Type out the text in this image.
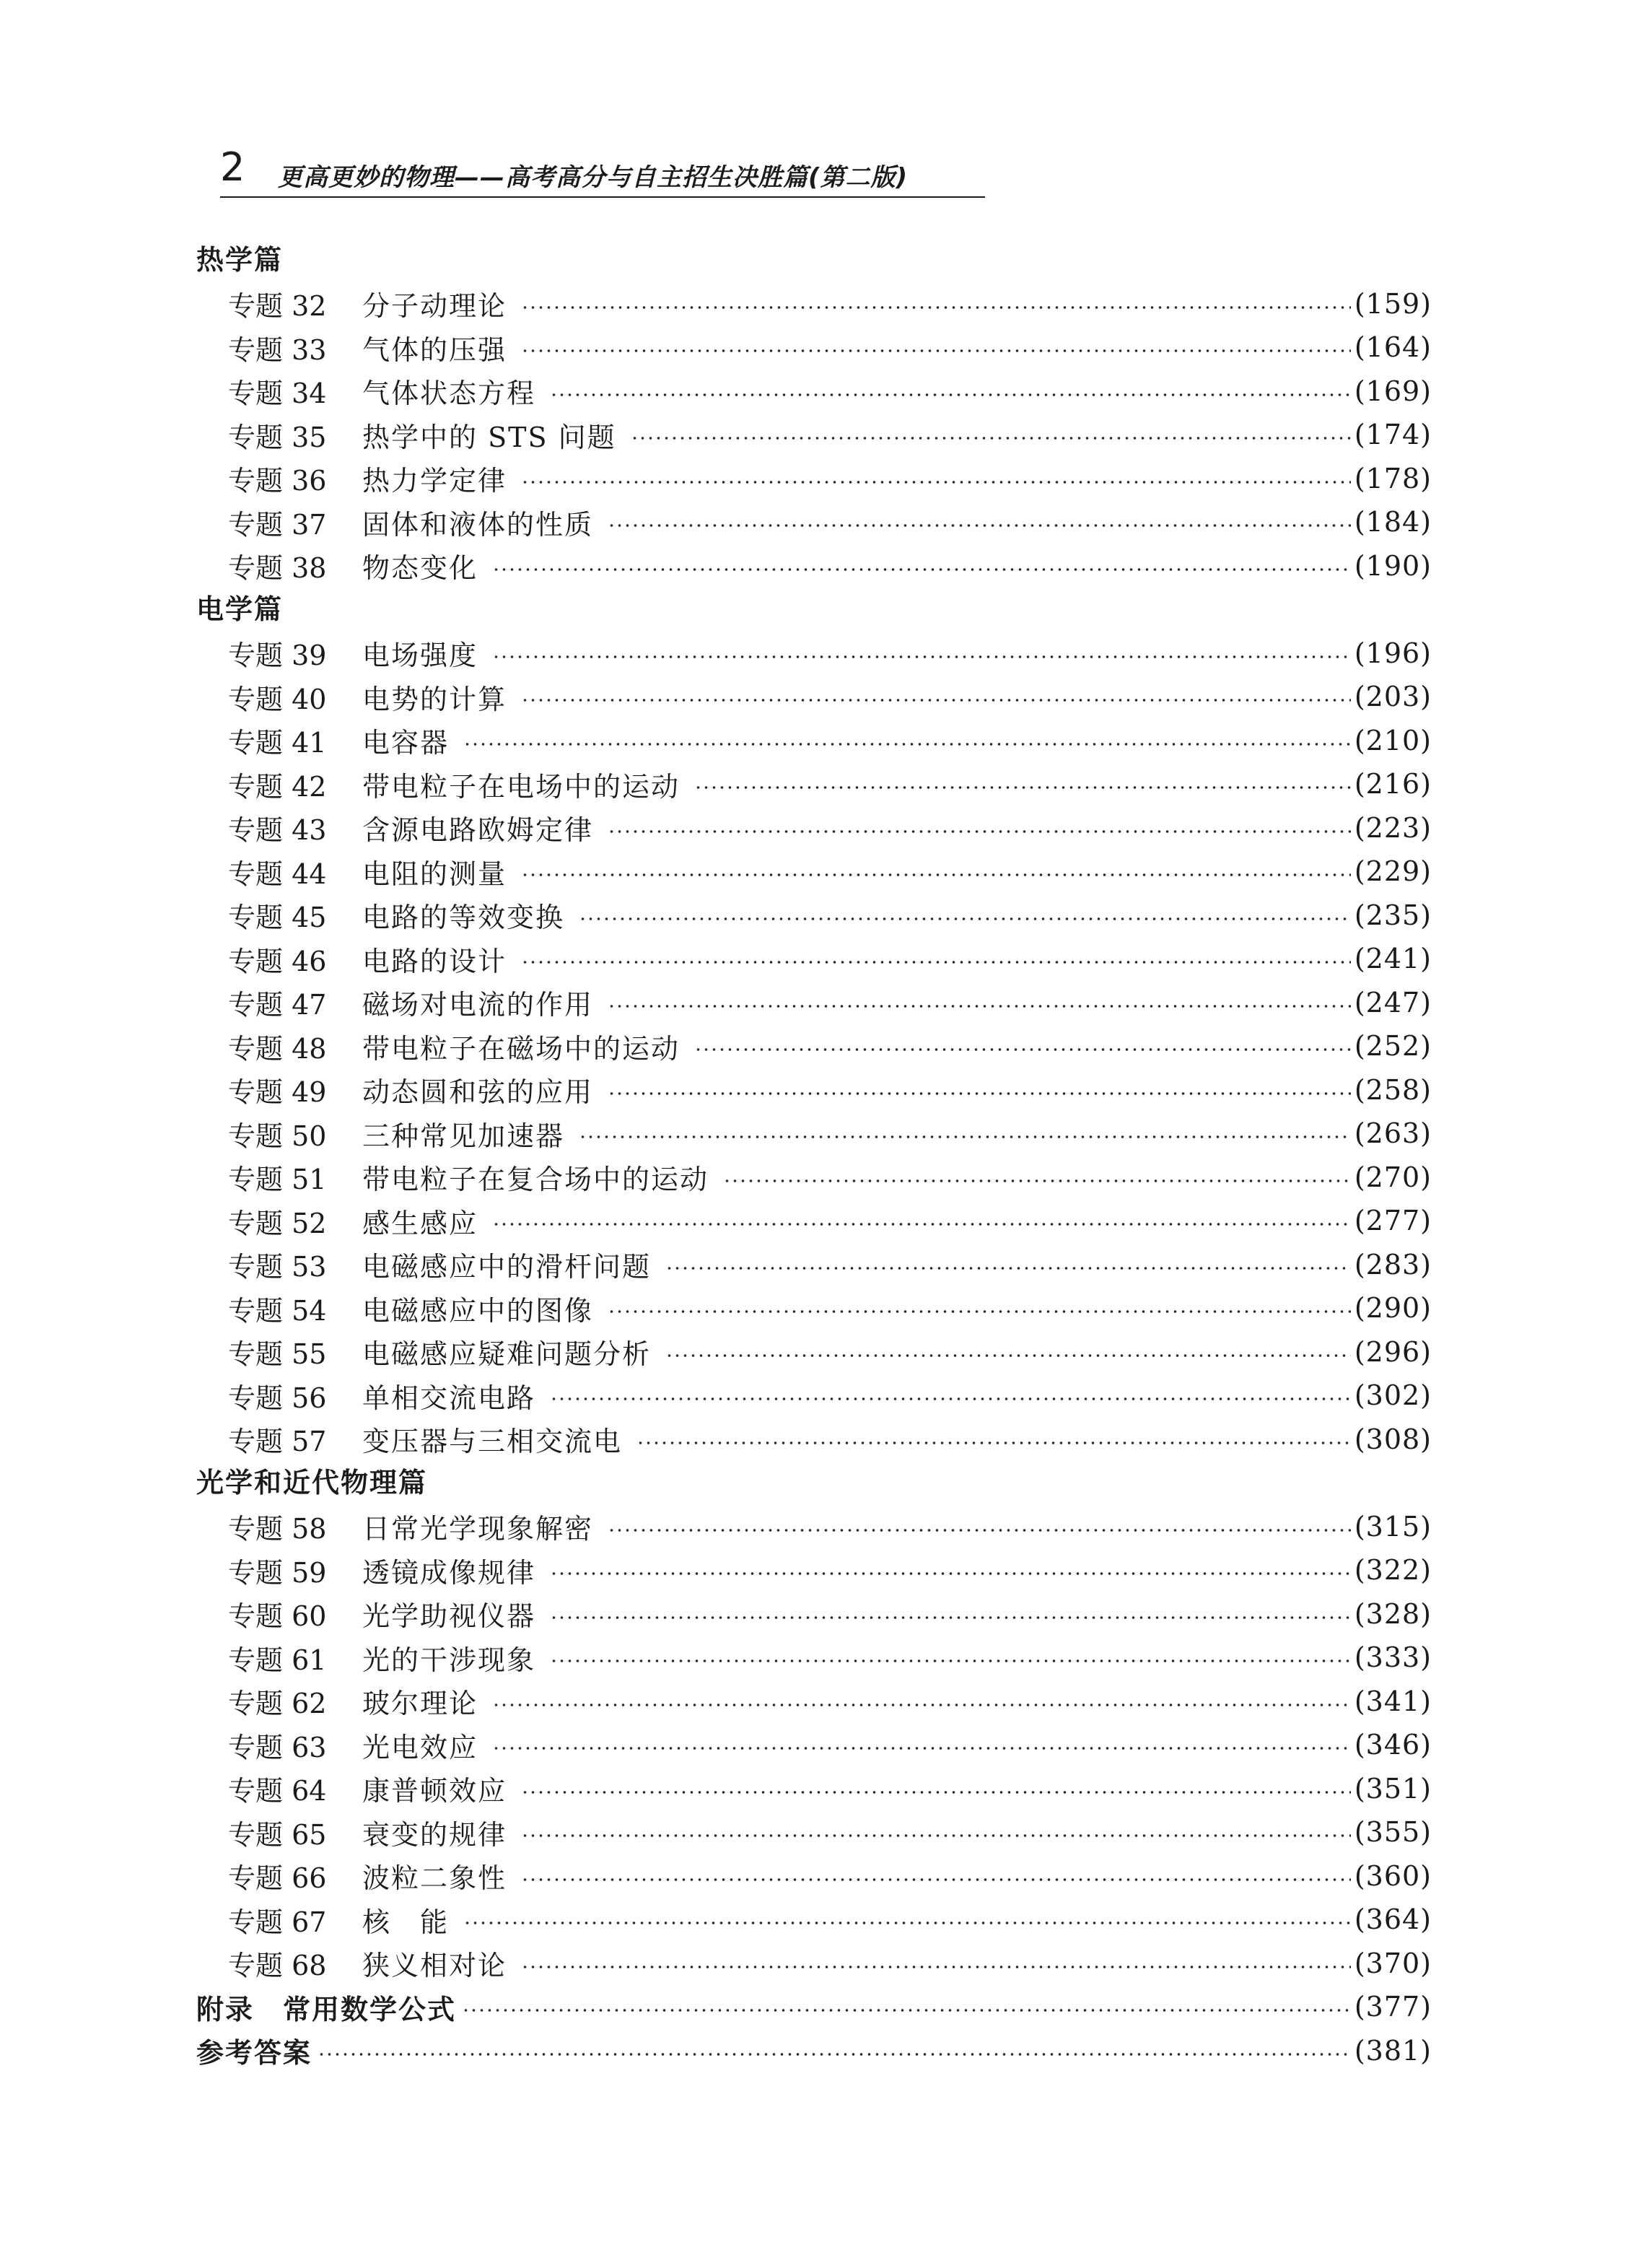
2 更高更妙的物理——高考高分与自主招生决胜篇(第二版)
热学篇
专题 32	分子动理论	(159)
专题 33	气体的压强	(164)
专题 34	气体状态方程	(169)
专题 35	热学中的 STS 问题	(174)
专题 36	热力学定律	(178)
专题 37	固体和液体的性质	(184)
专题 38	物态变化	(190)
电学篇
专题 39	电场强度	(196)
专题 40	电势的计算	(203)
专题 41	电容器	(210)
专题 42	带电粒子在电场中的运动	(216)
专题 43	含源电路欧姆定律	(223)
专题 44	电阻的测量	(229)
专题 45	电路的等效变换	(235)
专题 46	电路的设计	(241)
专题 47	磁场对电流的作用	(247)
专题 48	带电粒子在磁场中的运动	(252)
专题 49	动态圆和弦的应用	(258)
专题 50	三种常见加速器	(263)
专题 51	带电粒子在复合场中的运动	(270)
专题 52	感生感应	(277)
专题 53	电磁感应中的滑杆问题	(283)
专题 54	电磁感应中的图像	(290)
专题 55	电磁感应疑难问题分析	(296)
专题 56	单相交流电路	(302)
专题 57	变压器与三相交流电	(308)
光学和近代物理篇
专题 58	日常光学现象解密	(315)
专题 59	透镜成像规律	(322)
专题 60	光学助视仪器	(328)
专题 61	光的干涉现象	(333)
专题 62	玻尔理论	(341)
专题 63	光电效应	(346)
专题 64	康普顿效应	(351)
专题 65	衰变的规律	(355)
专题 66	波粒二象性	(360)
专题 67	核　能	(364)
专题 68	狭义相对论	(370)
附录　常用数学公式	(377)
参考答案	(381)
